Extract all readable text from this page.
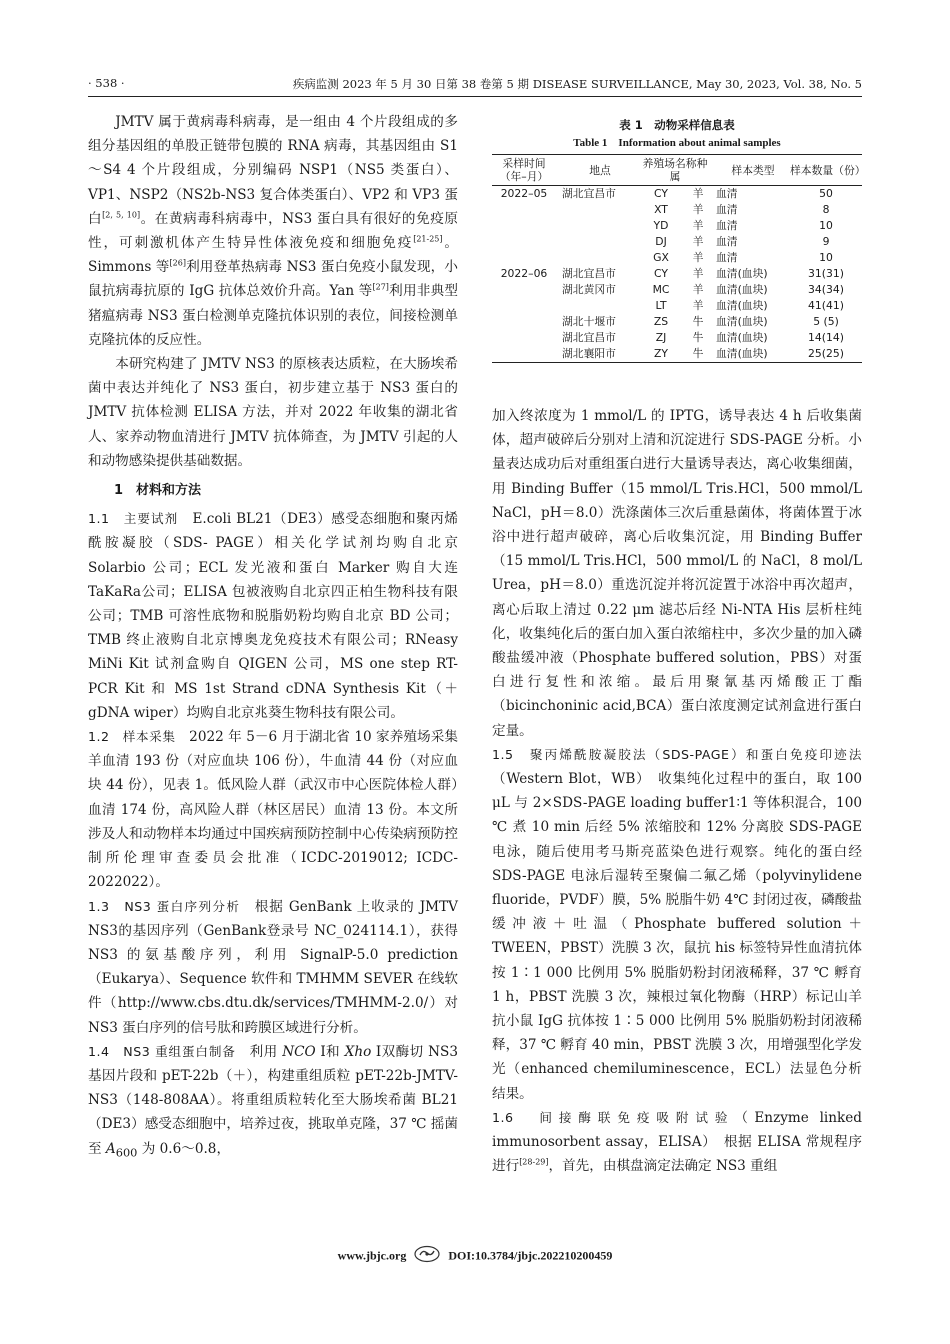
· 538 ·	疾病监测 2023 年 5 月 30 日第 38 卷第 5 期 DISEASE SURVEILLANCE, May 30, 2023, Vol. 38, No. 5

JMTV 属于黄病毒科病毒，是一组由 4 个片段组成的多组分基因组的单股正链带包膜的 RNA 病毒，其基因组由 S1～S4 4 个片段组成，分别编码 NSP1（NS5 类蛋白）、VP1、NSP2（NS2b-NS3 复合体类蛋白）、VP2 和 VP3 蛋白[2, 5, 10]。在黄病毒科病毒中，NS3 蛋白具有很好的免疫原性，可刺激机体产生特异性体液免疫和细胞免疫[21-25]。Simmons 等[26]利用登革热病毒 NS3 蛋白免疫小鼠发现，小鼠抗病毒抗原的 IgG 抗体总效价升高。Yan 等[27]利用非典型猪瘟病毒 NS3 蛋白检测单克隆抗体识别的表位，间接检测单克隆抗体的反应性。

本研究构建了 JMTV NS3 的原核表达质粒，在大肠埃希菌中表达并纯化了 NS3 蛋白，初步建立基于 NS3 蛋白的 JMTV 抗体检测 ELISA 方法，并对 2022 年收集的湖北省人、家养动物血清进行 JMTV 抗体筛查，为 JMTV 引起的人和动物感染提供基础数据。

1　材料和方法

1.1　主要试剂　E.coli BL21（DE3）感受态细胞和聚丙烯酰胺凝胶（SDS- PAGE）相关化学试剂均购自北京 Solarbio 公司；ECL 发光液和蛋白 Marker 购自大连 TaKaRa公司；ELISA 包被液购自北京四正柏生物科技有限公司；TMB 可溶性底物和脱脂奶粉均购自北京 BD 公司；TMB 终止液购自北京博奥龙免疫技术有限公司；RNeasy MiNi Kit 试剂盒购自 QIGEN 公司，MS one step RT-PCR Kit 和 MS 1st Strand cDNA Synthesis Kit（＋gDNA wiper）均购自北京兆葵生物科技有限公司。

1.2　样本采集　2022 年 5－6 月于湖北省 10 家养殖场采集羊血清 193 份（对应血块 106 份），牛血清 44 份（对应血块 44 份），见表 1。低风险人群（武汉市中心医院体检人群）血清 174 份，高风险人群（林区居民）血清 13 份。本文所涉及人和动物样本均通过中国疾病预防控制中心传染病预防控制所伦理审查委员会批准（ICDC-2019012; ICDC-2022022）。

1.3　NS3 蛋白序列分析　根据 GenBank 上收录的 JMTV NS3的基因序列（GenBank登录号 NC_024114.1），获得 NS3 的氨基酸序列，利用 SignalP-5.0 prediction（Eukarya）、Sequence 软件和 TMHMM SEVER 在线软件（http://www.cbs.dtu.dk/services/TMHMM-2.0/）对 NS3 蛋白序列的信号肽和跨膜区域进行分析。

1.4　NS3 重组蛋白制备　利用 NCO Ⅰ和 Xho Ⅰ双酶切 NS3 基因片段和 pET-22b（＋），构建重组质粒 pET-22b-JMTV-NS3（148-808AA）。将重组质粒转化至大肠埃希菌 BL21（DE3）感受态细胞中，培养过夜，挑取单克隆，37 ℃ 摇菌至 $A_{600}$ 为 0.6～0.8，

表 1　动物采样信息表
Table 1　Information about animal samples
采样时间（年–月）	地点	养殖场名称种属		样本类型	样本数量（份）
2022–05	湖北宜昌市	CY	羊	血清	50
		XT	羊	血清	8
		YD	羊	血清	10
		DJ	羊	血清	9
		GX	羊	血清	10
2022–06	湖北宜昌市	CY	羊	血清(血块)	31(31)
	湖北黄冈市	MC	羊	血清(血块)	34(34)
		LT	羊	血清(血块)	41(41)
	湖北十堰市	ZS	牛	血清(血块)	5 (5)
	湖北宜昌市	ZJ	牛	血清(血块)	14(14)
	湖北襄阳市	ZY	牛	血清(血块)	25(25)

加入终浓度为 1 mmol/L 的 IPTG，诱导表达 4 h 后收集菌体，超声破碎后分别对上清和沉淀进行 SDS-PAGE 分析。小量表达成功后对重组蛋白进行大量诱导表达，离心收集细菌，用 Binding Buffer（15 mmol/L Tris.HCl，500 mmol/L NaCl，pH＝8.0）洗涤菌体三次后重悬菌体，将菌体置于冰浴中进行超声破碎，离心后收集沉淀，用 Binding Buffer（15 mmol/L Tris.HCl，500 mmol/L 的 NaCl，8 mol/L Urea，pH＝8.0）重选沉淀并将沉淀置于冰浴中再次超声，离心后取上清过 0.22 μm 滤芯后经 Ni-NTA His 层析柱纯化，收集纯化后的蛋白加入蛋白浓缩柱中，多次少量的加入磷酸盐缓冲液（Phosphate buffered solution，PBS）对蛋白进行复性和浓缩。最后用聚氰基丙烯酸正丁酯（bicinchoninic acid,BCA）蛋白浓度测定试剂盒进行蛋白定量。

1.5　聚丙烯酰胺凝胶法（SDS-PAGE）和蛋白免疫印迹法（Western Blot，WB）　收集纯化过程中的蛋白，取 100 μL 与 2×SDS-PAGE loading buffer1∶1 等体积混合，100 ℃ 煮 10 min 后经 5% 浓缩胶和 12% 分离胶 SDS-PAGE 电泳，随后使用考马斯亮蓝染色进行观察。纯化的蛋白经 SDS-PAGE 电泳后湿转至聚偏二氟乙烯（polyvinylidene fluoride，PVDF）膜，5% 脱脂牛奶 4℃ 封闭过夜，磷酸盐缓冲液＋吐温（Phosphate buffered solution＋TWEEN，PBST）洗膜 3 次，鼠抗 his 标签特异性血清抗体按 1∶1 000 比例用 5% 脱脂奶粉封闭液稀释，37 ℃ 孵育 1 h，PBST 洗膜 3 次，辣根过氧化物酶（HRP）标记山羊抗小鼠 IgG 抗体按 1∶5 000 比例用 5% 脱脂奶粉封闭液稀释，37 ℃ 孵育 40 min，PBST 洗膜 3 次，用增强型化学发光（enhanced chemiluminescence，ECL）法显色分析结果。

1.6　间接酶联免疫吸附试验（Enzyme linked immunosorbent assay，ELISA）　根据 ELISA 常规程序进行[28-29]，首先，由棋盘滴定法确定 NS3 重组

www.jbjc.org	DOI:10.3784/jbjc.202210200459
